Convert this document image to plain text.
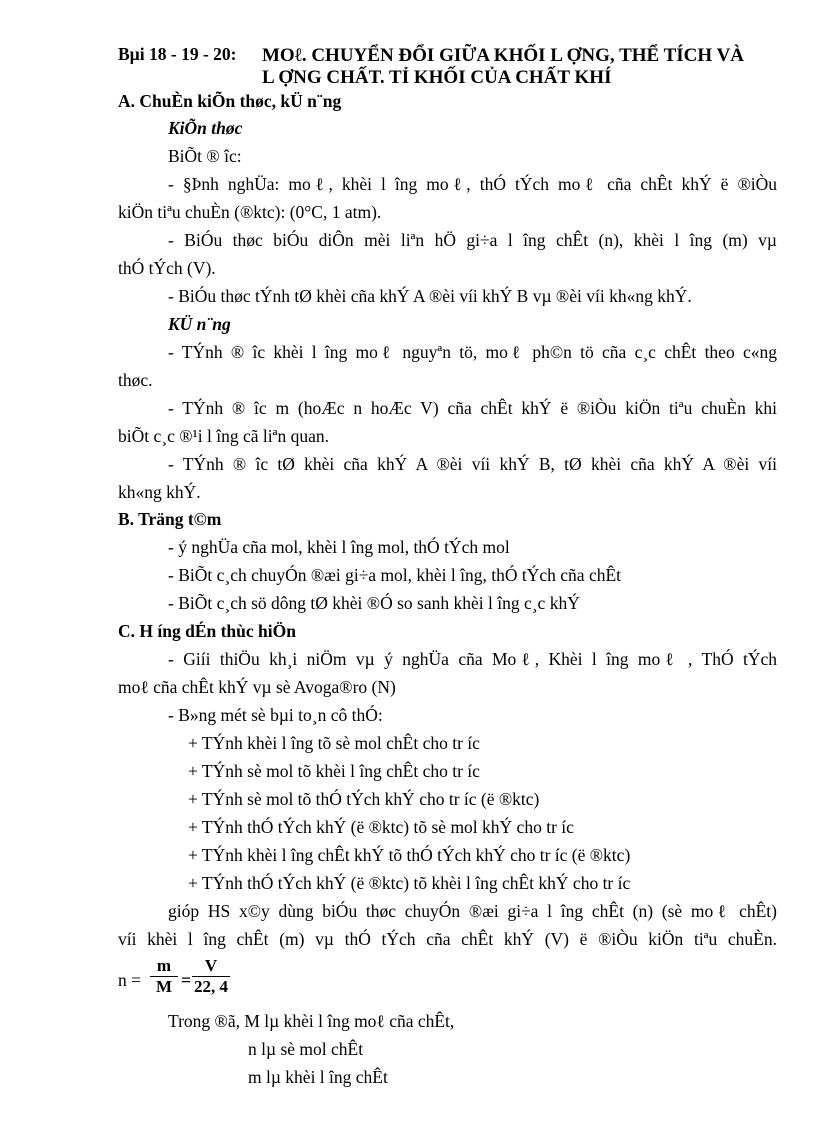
Bµi 18 - 19 - 20: MOℓ. CHUYỂN ĐỔI GIỮA KHỐI L ỢNG, THỂ TÍCH VÀ
L ỢNG CHẤT. TỈ KHỐI CỦA CHẤT KHÍ
A. ChuÈn kiÕn thøc, kÜ n¨ng
KiÕn thøc
BiÕt ® îc:
- §Þnh nghÜa: moℓ, khèi l îng moℓ, thÓ tÝch moℓ cña chÊt khÝ ë ®iÒu
kiÖn tiªu chuÈn (®ktc): (0°C, 1 atm).
- BiÓu thøc biÓu diÔn mèi liªn hÖ gi÷a l îng chÊt (n), khèi l îng (m) vµ
thÓ tÝch (V).
- BiÓu thøc tÝnh tØ khèi cña khÝ A ®èi víi khÝ B vµ ®èi víi kh«ng khÝ.
KÜ n¨ng
- TÝnh ® îc khèi l îng moℓ nguyªn tö, moℓ ph©n tö cña c¸c chÊt theo c«ng
thøc.
- TÝnh ® îc m (hoÆc n hoÆc V) cña chÊt khÝ ë ®iÒu kiÖn tiªu chuÈn khi
biÕt c¸c ®¹i l îng cã liªn quan.
- TÝnh ® îc tØ khèi cña khÝ A ®èi víi khÝ B, tØ khèi cña khÝ A ®èi víi
kh«ng khÝ.
B. Träng t©m
- ý nghÜa cña mol, khèi l îng mol, thÓ tÝch mol
- BiÕt c¸ch chuyÓn ®æi gi÷a mol, khèi l îng, thÓ tÝch cña chÊt
- BiÕt c¸ch sö dông tØ khèi ®Ó so sanh khèi l îng c¸c khÝ
C. H íng dÉn thùc hiÖn
- Giíi thiÖu kh¸i niÖm vµ ý nghÜa cña Moℓ, Khèi l îng moℓ , ThÓ tÝch
moℓ cña chÊt khÝ vµ sè Avoga®ro (N)
- B»ng mét sè bµi to¸n cô thÓ:
+ TÝnh khèi l îng tõ sè mol chÊt cho tr íc
+ TÝnh sè mol tõ khèi l îng chÊt cho tr íc
+ TÝnh sè mol tõ thÓ tÝch khÝ cho tr íc (ë ®ktc)
+ TÝnh thÓ tÝch khÝ (ë ®ktc) tõ sè mol khÝ cho tr íc
+ TÝnh khèi l îng chÊt khÝ tõ thÓ tÝch khÝ cho tr íc (ë ®ktc)
+ TÝnh thÓ tÝch khÝ (ë ®ktc) tõ khèi l îng chÊt khÝ cho tr íc
gióp HS x©y dùng biÓu thøc chuyÓn ®æi gi÷a l îng chÊt (n) (sè moℓ chÊt)
víi khèi l îng chÊt (m) vµ thÓ tÝch cña chÊt khÝ (V) ë ®iÒu kiÖn tiªu chuÈn.
n =
m
M =
V
22, 4
Trong ®ã, M lµ khèi l îng moℓ cña chÊt,
n lµ sè mol chÊt
m lµ khèi l îng chÊt
